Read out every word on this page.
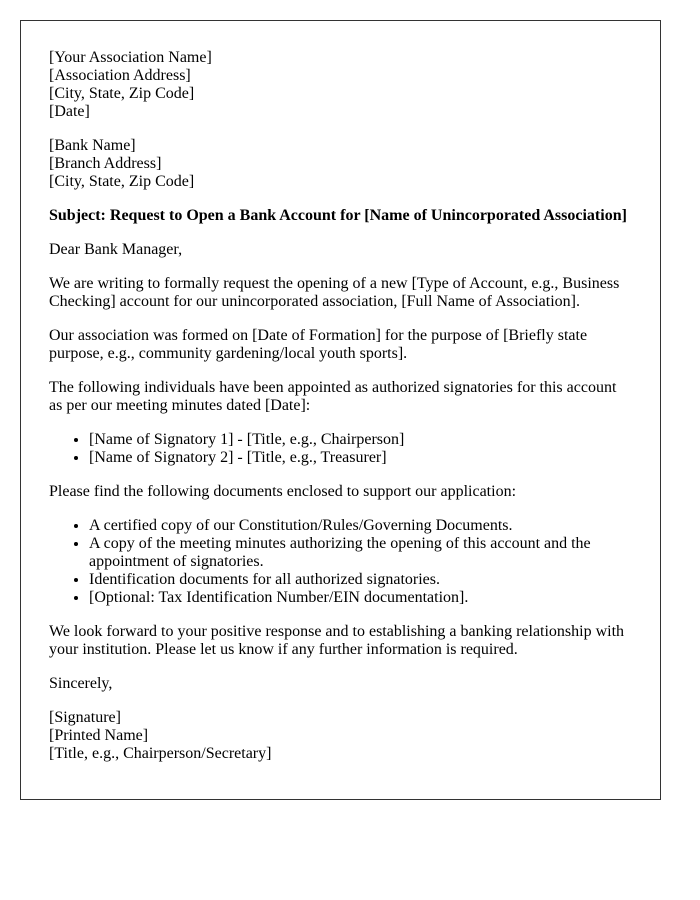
[Your Association Name]
[Association Address]
[City, State, Zip Code]
[Date]

[Bank Name]
[Branch Address]
[City, State, Zip Code]

Subject: Request to Open a Bank Account for [Name of Unincorporated Association]

Dear Bank Manager,

We are writing to formally request the opening of a new [Type of Account, e.g., Business Checking] account for our unincorporated association, [Full Name of Association].

Our association was formed on [Date of Formation] for the purpose of [Briefly state purpose, e.g., community gardening/local youth sports].

The following individuals have been appointed as authorized signatories for this account as per our meeting minutes dated [Date]:

• [Name of Signatory 1] - [Title, e.g., Chairperson]
• [Name of Signatory 2] - [Title, e.g., Treasurer]

Please find the following documents enclosed to support our application:

• A certified copy of our Constitution/Rules/Governing Documents.
• A copy of the meeting minutes authorizing the opening of this account and the appointment of signatories.
• Identification documents for all authorized signatories.
• [Optional: Tax Identification Number/EIN documentation].

We look forward to your positive response and to establishing a banking relationship with your institution. Please let us know if any further information is required.

Sincerely,

[Signature]
[Printed Name]
[Title, e.g., Chairperson/Secretary]
